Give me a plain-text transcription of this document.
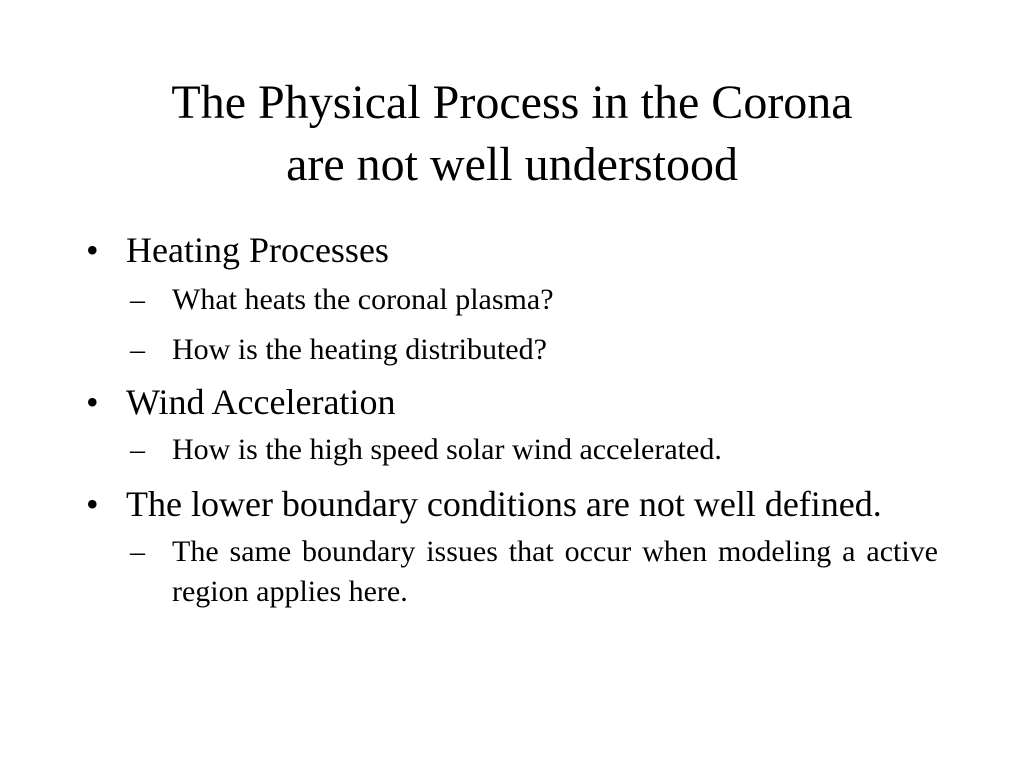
The Physical Process in the Corona
are not well understood

• Heating Processes

– What heats the coronal plasma?

– How is the heating distributed?

• Wind Acceleration

– How is the high speed solar wind accelerated.

• The lower boundary conditions are not well defined.

– The same boundary issues that occur when modeling a active region applies here.
